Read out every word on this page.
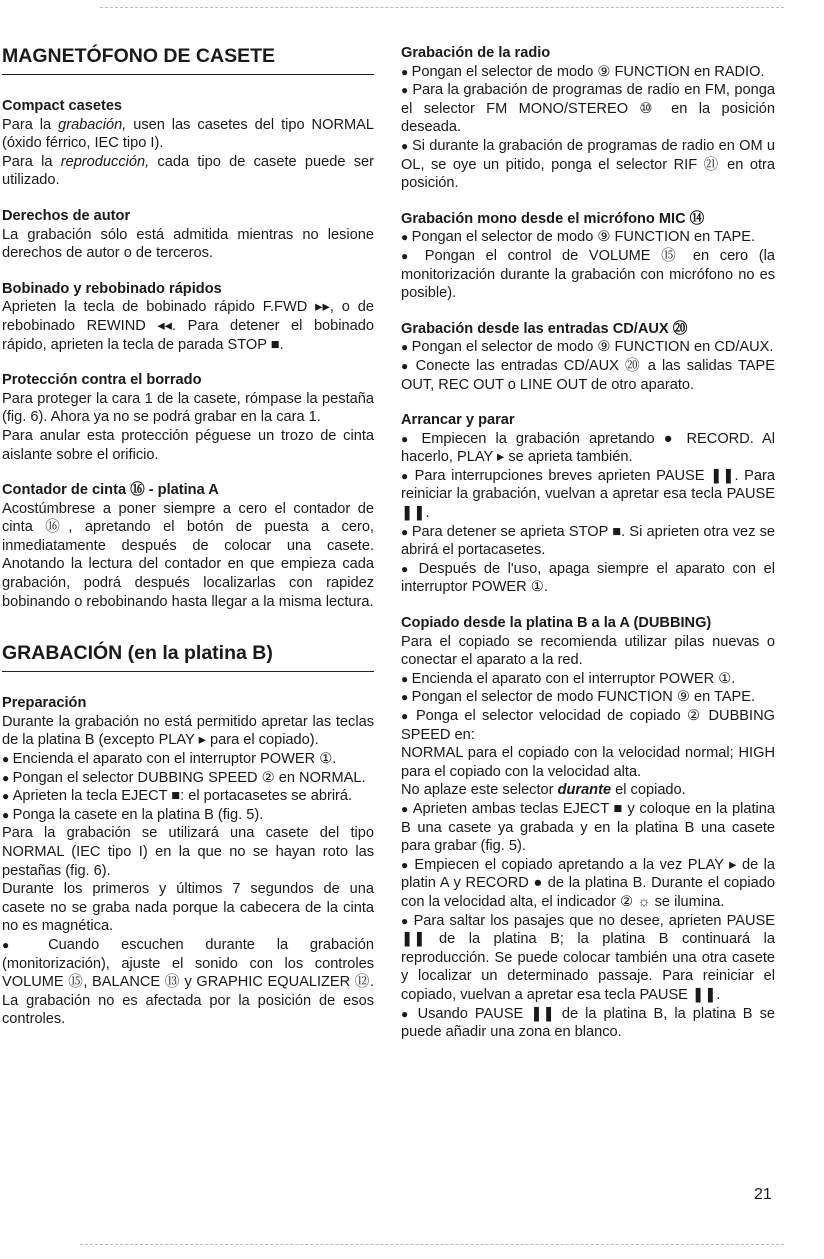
MAGNETÓFONO DE CASETE

Compact casetes

Para la grabación, usen las casetes del tipo NORMAL (óxido férrico, IEC tipo I).

Para la reproducción, cada tipo de casete puede ser utilizado.

Derechos de autor

La grabación sólo está admitida mientras no lesione derechos de autor o de terceros.

Bobinado y rebobinado rápidos

Aprieten la tecla de bobinado rápido F.FWD ▸▸, o de rebobinado REWIND ◂◂. Para detener el bobinado rápido, aprieten la tecla de parada STOP ■.

Protección contra el borrado

Para proteger la cara 1 de la casete, rómpase la pestaña (fig. 6). Ahora ya no se podrá grabar en la cara 1.

Para anular esta protección péguese un trozo de cinta aislante sobre el orificio.

Contador de cinta ⑯ - platina A

Acostúmbrese a poner siempre a cero el contador de cinta ⑯, apretando el botón de puesta a cero, inmediatamente después de colocar una casete. Anotando la lectura del contador en que empieza cada grabación, podrá después localizarlas con rapidez bobinando o rebobinando hasta llegar a la misma lectura.

GRABACIÓN (en la platina B)

Preparación

Durante la grabación no está permitido apretar las teclas de la platina B (excepto PLAY ▸ para el copiado).

● Encienda el aparato con el interruptor POWER ①.

● Pongan el selector DUBBING SPEED ② en NORMAL.

● Aprieten la tecla EJECT ■: el portacasetes se abrirá.

● Ponga la casete en la platina B (fig. 5).

Para la grabación se utilizará una casete del tipo NORMAL (IEC tipo I) en la que no se hayan roto las pestañas (fig. 6).

Durante los primeros y últimos 7 segundos de una casete no se graba nada porque la cabecera de la cinta no es magnética.

● Cuando escuchen durante la grabación (monitorización), ajuste el sonido con los controles VOLUME ⑮, BALANCE ⑬ y GRAPHIC EQUALIZER ⑫. La grabación no es afectada por la posición de esos controles.

Grabación de la radio

● Pongan el selector de modo ⑨ FUNCTION en RADIO.

● Para la grabación de programas de radio en FM, ponga el selector FM MONO/STEREO ⑩ en la posición deseada.

● Si durante la grabación de programas de radio en OM u OL, se oye un pitido, ponga el selector RIF ㉑ en otra posición.

Grabación mono desde el micrófono MIC ⑭

● Pongan el selector de modo ⑨ FUNCTION en TAPE.

● Pongan el control de VOLUME ⑮ en cero (la monitorización durante la grabación con micrófono no es posible).

Grabación desde las entradas CD/AUX ⑳

● Pongan el selector de modo ⑨ FUNCTION en CD/AUX.

● Conecte las entradas CD/AUX ⑳ a las salidas TAPE OUT, REC OUT o LINE OUT de otro aparato.

Arrancar y parar

● Empiecen la grabación apretando ● RECORD. Al hacerlo, PLAY ▸ se aprieta también.

● Para interrupciones breves aprieten PAUSE ❚❚. Para reiniciar la grabación, vuelvan a apretar esa tecla PAUSE ❚❚.

● Para detener se aprieta STOP ■. Si aprieten otra vez se abrirá el portacasetes.

● Después de l'uso, apaga siempre el aparato con el interruptor POWER ①.

Copiado desde la platina B a la A (DUBBING)

Para el copiado se recomienda utilizar pilas nuevas o conectar el aparato a la red.

● Encienda el aparato con el interruptor POWER ①.

● Pongan el selector de modo FUNCTION ⑨ en TAPE.

● Ponga el selector velocidad de copiado ② DUBBING SPEED en:

NORMAL para el copiado con la velocidad normal; HIGH para el copiado con la velocidad alta.

No aplaze este selector durante el copiado.

● Aprieten ambas teclas EJECT ■ y coloque en la platina B una casete ya grabada y en la platina B una casete para grabar (fig. 5).

● Empiecen el copiado apretando a la vez PLAY ▸ de la platin A y RECORD ● de la platina B. Durante el copiado con la velocidad alta, el indicador ② ☼ se ilumina.

● Para saltar los pasajes que no desee, aprieten PAUSE ❚❚ de la platina B; la platina B continuará la reproducción. Se puede colocar también una otra casete y localizar un determinado passaje. Para reiniciar el copiado, vuelvan a apretar esa tecla PAUSE ❚❚.

● Usando PAUSE ❚❚ de la platina B, la platina B se puede añadir una zona en blanco.

21
